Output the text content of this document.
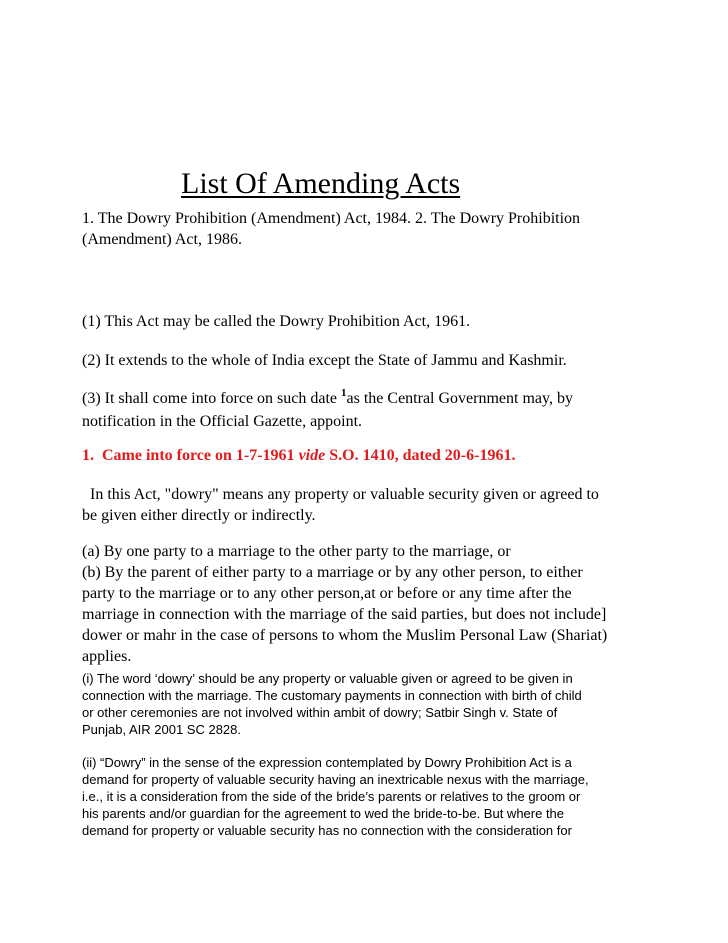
List Of Amending Acts

1. The Dowry Prohibition (Amendment) Act, 1984. 2. The Dowry Prohibition
(Amendment) Act, 1986.

(1) This Act may be called the Dowry Prohibition Act, 1961.

(2) It extends to the whole of India except the State of Jammu and Kashmir.

(3) It shall come into force on such date $^1$as the Central Government may, by
notification in the Official Gazette, appoint.

1. Came into force on 1-7-1961 vide S.O. 1410, dated 20-6-1961.

In this Act, "dowry" means any property or valuable security given or agreed to
be given either directly or indirectly.

(a) By one party to a marriage to the other party to the marriage, or
(b) By the parent of either party to a marriage or by any other person, to either
party to the marriage or to any other person,at or before or any time after the
marriage in connection with the marriage of the said parties, but does not include]
dower or mahr in the case of persons to whom the Muslim Personal Law (Shariat)
applies.

(i) The word ‘dowry’ should be any property or valuable given or agreed to be given in
connection with the marriage. The customary payments in connection with birth of child
or other ceremonies are not involved within ambit of dowry; Satbir Singh v. State of
Punjab, AIR 2001 SC 2828.

(ii) “Dowry” in the sense of the expression contemplated by Dowry Prohibition Act is a
demand for property of valuable security having an inextricable nexus with the marriage,
i.e., it is a consideration from the side of the bride’s parents or relatives to the groom or
his parents and/or guardian for the agreement to wed the bride-to-be. But where the
demand for property or valuable security has no connection with the consideration for
